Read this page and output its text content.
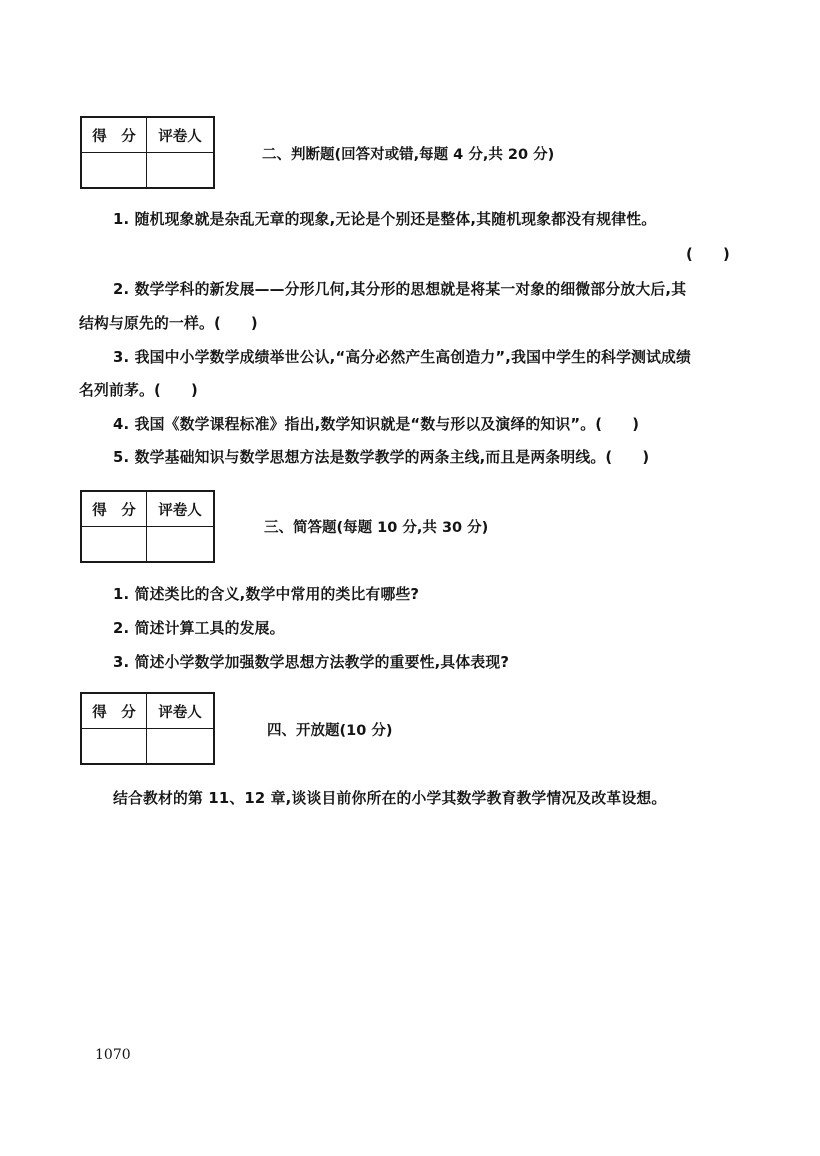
得　分	评卷人

二、判断题(回答对或错,每题 4 分,共 20 分)
1. 随机现象就是杂乱无章的现象,无论是个别还是整体,其随机现象都没有规律性。
(　　)
2. 数学学科的新发展——分形几何,其分形的思想就是将某一对象的细微部分放大后,其
结构与原先的一样。(　　)
3. 我国中小学数学成绩举世公认,“高分必然产生高创造力”,我国中学生的科学测试成绩
名列前茅。(　　)
4. 我国《数学课程标准》指出,数学知识就是“数与形以及演绎的知识”。(　　)
5. 数学基础知识与数学思想方法是数学教学的两条主线,而且是两条明线。(　　)
得　分	评卷人

三、简答题(每题 10 分,共 30 分)
1. 简述类比的含义,数学中常用的类比有哪些?
2. 简述计算工具的发展。
3. 简述小学数学加强数学思想方法教学的重要性,具体表现?
得　分	评卷人

四、开放题(10 分)
结合教材的第 11、12 章,谈谈目前你所在的小学其数学教育教学情况及改革设想。
1070
